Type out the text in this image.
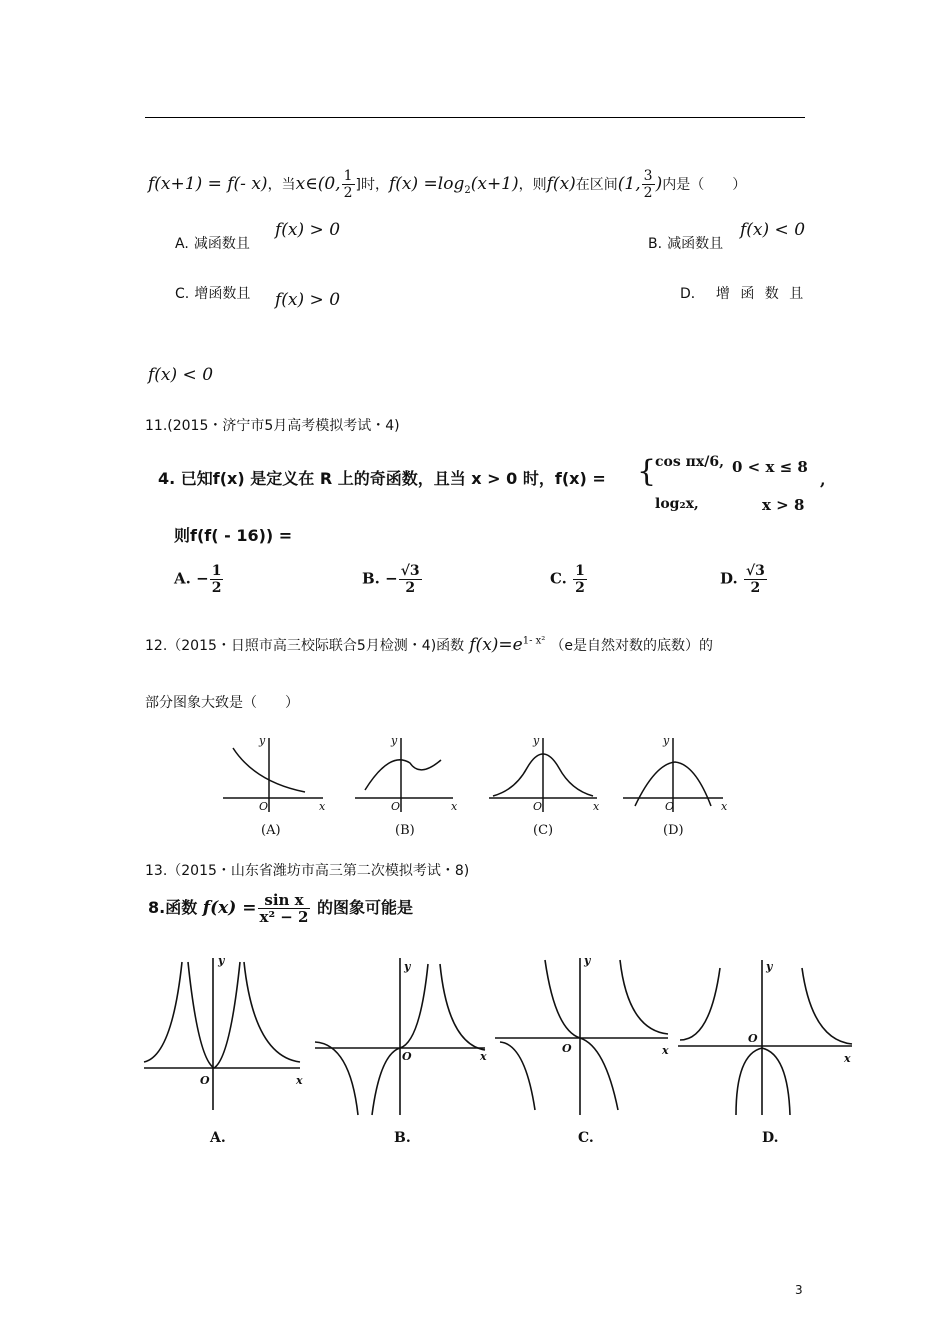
f(x+1) = f(- x)，当x∈(0, $\frac{1}{2}$ ]时，$f(x) =\log_2(x+1)$，则f(x)在区间(1, $\frac{3}{2}$ )内是（　　）
A. 减函数且
f(x) > 0
B. 减函数且
f(x) < 0
C. 增函数且 f(x) > 0	D． 增 函 数 且
f(x) < 0
11.(2015・济宁市5月高考模拟考试・4)
4. 已知f(x) 是定义在 R 上的奇函数，且当 x > 0 时，f(x) = {
cos πx/6, 0 < x ≤ 8
log₂x,	x > 8
,
则f(f( - 16)) =
A. − $\frac{1}{2}$	B. − $\frac{√3}{2}$	C. $\frac{1}{2}$	D. $\frac{√3}{2}$
12.（2015・日照市高三校际联合5月检测・4)函数 $f(x)=e^{1- x^2}$ （e是自然对数的底数）的
部分图象大致是（　　）
y
x
O
y
x
O
y
x
O
y
x
O
(A)	(B)	(C)	(D)
13.（2015・山东省潍坊市高三第二次模拟考试・8)
8.函数 $f(x) = \frac{\text{sin x}}{\text{x² − 2}}$ 的图象可能是
y
x
O
y
x
O
y
x
O
y
x
O
A.	B.	C.	D.
3
